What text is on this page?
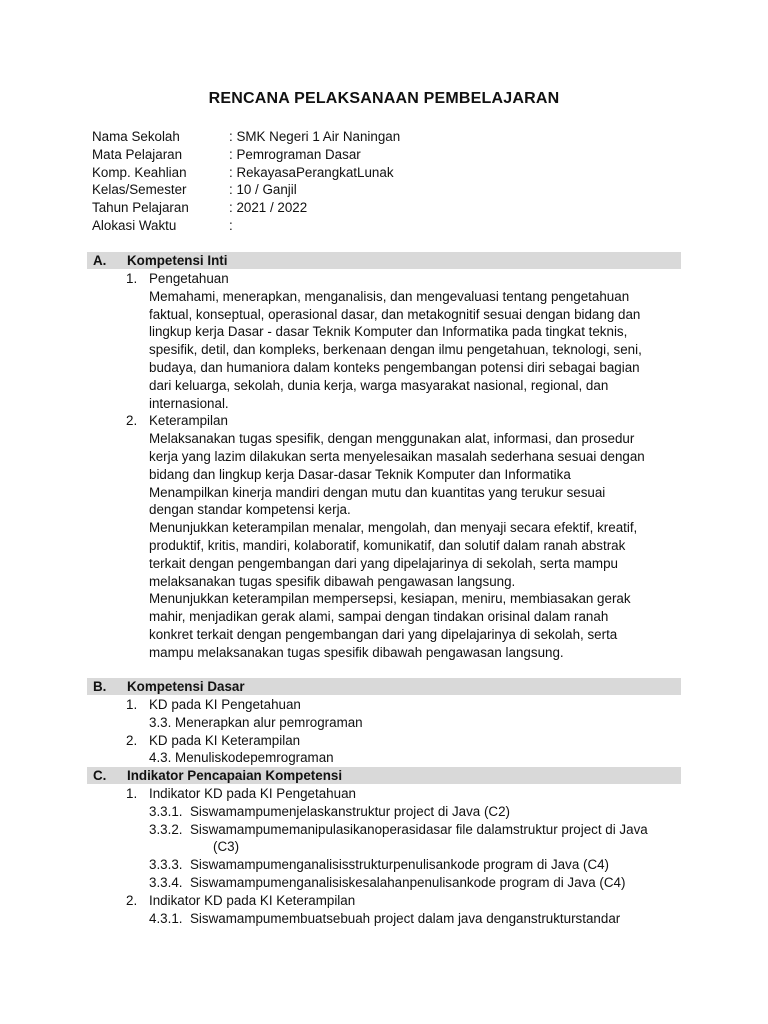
RENCANA PELAKSANAAN PEMBELAJARAN
Nama Sekolah	: SMK Negeri 1 Air Naningan
Mata Pelajaran	: Pemrograman Dasar
Komp. Keahlian	: RekayasaPerangkatLunak
Kelas/Semester	: 10 / Ganjil
Tahun Pelajaran	: 2021 / 2022
Alokasi Waktu	:
A. Kompetensi Inti
1. Pengetahuan
Memahami, menerapkan, menganalisis, dan mengevaluasi tentang pengetahuan
faktual, konseptual, operasional dasar, dan metakognitif sesuai dengan bidang dan
lingkup kerja Dasar - dasar Teknik Komputer dan Informatika pada tingkat teknis,
spesifik, detil, dan kompleks, berkenaan dengan ilmu pengetahuan, teknologi, seni,
budaya, dan humaniora dalam konteks pengembangan potensi diri sebagai bagian
dari keluarga, sekolah, dunia kerja, warga masyarakat nasional, regional, dan
internasional.
2. Keterampilan
Melaksanakan tugas spesifik, dengan menggunakan alat, informasi, dan prosedur
kerja yang lazim dilakukan serta menyelesaikan masalah sederhana sesuai dengan
bidang dan lingkup kerja Dasar-dasar Teknik Komputer dan Informatika
Menampilkan kinerja mandiri dengan mutu dan kuantitas yang terukur sesuai
dengan standar kompetensi kerja.
Menunjukkan keterampilan menalar, mengolah, dan menyaji secara efektif, kreatif,
produktif, kritis, mandiri, kolaboratif, komunikatif, dan solutif dalam ranah abstrak
terkait dengan pengembangan dari yang dipelajarinya di sekolah, serta mampu
melaksanakan tugas spesifik dibawah pengawasan langsung.
Menunjukkan keterampilan mempersepsi, kesiapan, meniru, membiasakan gerak
mahir, menjadikan gerak alami, sampai dengan tindakan orisinal dalam ranah
konkret terkait dengan pengembangan dari yang dipelajarinya di sekolah, serta
mampu melaksanakan tugas spesifik dibawah pengawasan langsung.
B. Kompetensi Dasar
1. KD pada KI Pengetahuan
3.3. Menerapkan alur pemrograman
2. KD pada KI Keterampilan
4.3. Menuliskodepemrograman
C. Indikator Pencapaian Kompetensi
1. Indikator KD pada KI Pengetahuan
3.3.1. Siswamampumenjelaskanstruktur project di Java (C2)
3.3.2. Siswamampumemanipulasikanoperasidasar file dalamstruktur project di Java
(C3)
3.3.3. Siswamampumenganalisisstrukturpenulisankode program di Java (C4)
3.3.4. Siswamampumenganalisiskesalahanpenulisankode program di Java (C4)
2. Indikator KD pada KI Keterampilan
4.3.1. Siswamampumembuatsebuah project dalam java denganstrukturstandar
